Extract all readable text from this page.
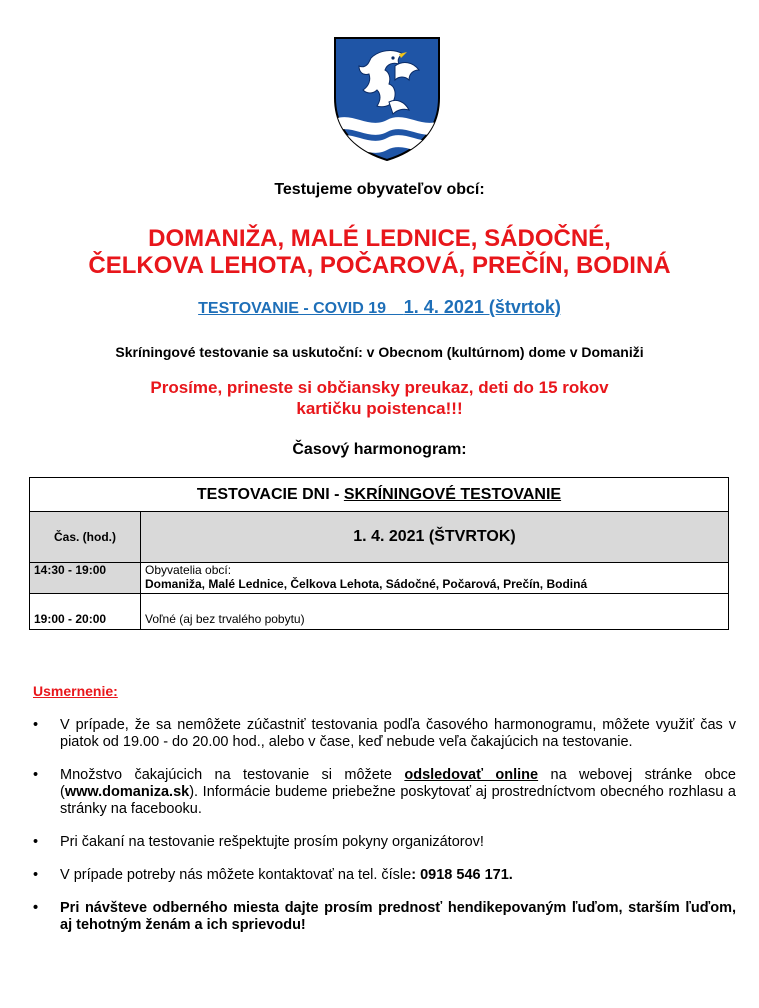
Testujeme obyvateľov obcí:
DOMANIŽA, MALÉ LEDNICE, SÁDOČNÉ,
ČELKOVA LEHOTA, POČAROVÁ, PREČÍN, BODINÁ
TESTOVANIE - COVID 19 1. 4. 2021 (štvrtok)
Skríningové testovanie sa uskutoční: v Obecnom (kultúrnom) dome v Domaniži
Prosíme, prineste si občiansky preukaz, deti do 15 rokov
kartičku poistenca!!!
Časový harmonogram:
TESTOVACIE DNI - SKRÍNINGOVÉ TESTOVANIE	
Čas. (hod.)	1. 4. 2021 (ŠTVRTOK)
14:30 - 19:00	Obyvatelia obcí:
Domaniža, Malé Lednice, Čelkova Lehota, Sádočné, Počarová, Prečín, Bodiná

19:00 - 20:00	Voľné (aj bez trvalého pobytu)
Usmernenie:
• V prípade, že sa nemôžete zúčastniť testovania podľa časového harmonogramu, môžete využiť čas v piatok od 19.00 - do 20.00 hod., alebo v čase, keď nebude veľa čakajúcich na testovanie.
• Množstvo čakajúcich na testovanie si môžete odsledovať online na webovej stránke obce (www.domaniza.sk). Informácie budeme priebežne poskytovať aj prostredníctvom obecného rozhlasu a stránky na facebooku.
• Pri čakaní na testovanie rešpektujte prosím pokyny organizátorov!
• V prípade potreby nás môžete kontaktovať na tel. čísle: 0918 546 171.
• Pri návšteve odberného miesta dajte prosím prednosť hendikepovaným ľuďom, starším ľuďom, aj tehotným ženám a ich sprievodu!
